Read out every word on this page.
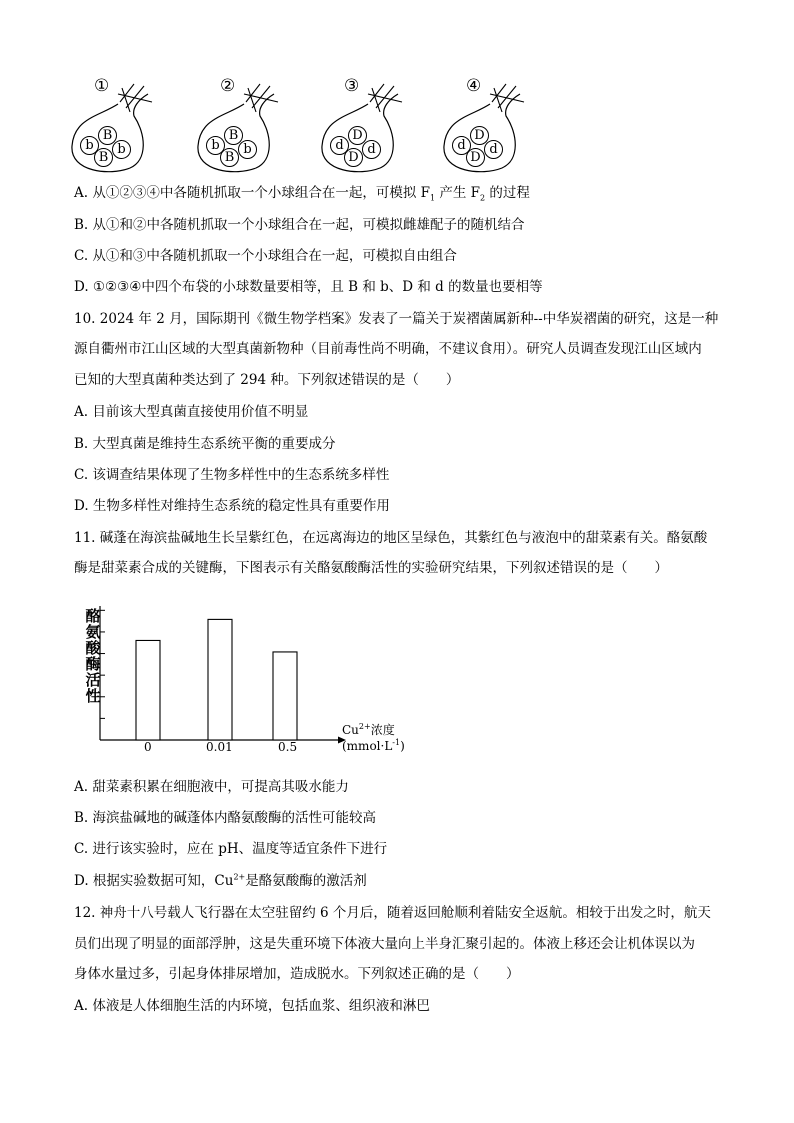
①
b
B
B
b
②
b
B
B
b
③
d
D
D
d
④
d
D
D
d
A. 从①②③④中各随机抓取一个小球组合在一起，可模拟 $F_1$ 产生 $F_2$ 的过程
B. 从①和②中各随机抓取一个小球组合在一起，可模拟雌雄配子的随机结合
C. 从①和③中各随机抓取一个小球组合在一起，可模拟自由组合
D. ①②③④中四个布袋的小球数量要相等，且 B 和 b、D 和 d 的数量也要相等
10. 2024 年 2 月，国际期刊《微生物学档案》发表了一篇关于炭褶菌属新种--中华炭褶菌的研究，这是一种
源自衢州市江山区域的大型真菌新物种（目前毒性尚不明确，不建议食用）。研究人员调查发现江山区域内
已知的大型真菌种类达到了 294 种。下列叙述错误的是（　　）
A. 目前该大型真菌直接使用价值不明显
B. 大型真菌是维持生态系统平衡的重要成分
C. 该调查结果体现了生物多样性中的生态系统多样性
D. 生物多样性对维持生态系统的稳定性具有重要作用
11. 碱蓬在海滨盐碱地生长呈紫红色，在远离海边的地区呈绿色，其紫红色与液泡中的甜菜素有关。酪氨酸
酶是甜菜素合成的关键酶，下图表示有关酪氨酸酶活性的实验研究结果，下列叙述错误的是（　　）
酪
氨
酸
酶
活
性
0	0.01	0.5
$Cu^{2+}$浓度
$(mmol\cdot L^{-1})$
A. 甜菜素积累在细胞液中，可提高其吸水能力
B. 海滨盐碱地的碱蓬体内酪氨酸酶的活性可能较高
C. 进行该实验时，应在 pH、温度等适宜条件下进行
D. 根据实验数据可知，$Cu^{2+}$是酪氨酸酶的激活剂
12. 神舟十八号载人飞行器在太空驻留约 6 个月后，随着返回舱顺利着陆安全返航。相较于出发之时，航天
员们出现了明显的面部浮肿，这是失重环境下体液大量向上半身汇聚引起的。体液上移还会让机体误以为
身体水量过多，引起身体排尿增加，造成脱水。下列叙述正确的是（　　）
A. 体液是人体细胞生活的内环境，包括血浆、组织液和淋巴
